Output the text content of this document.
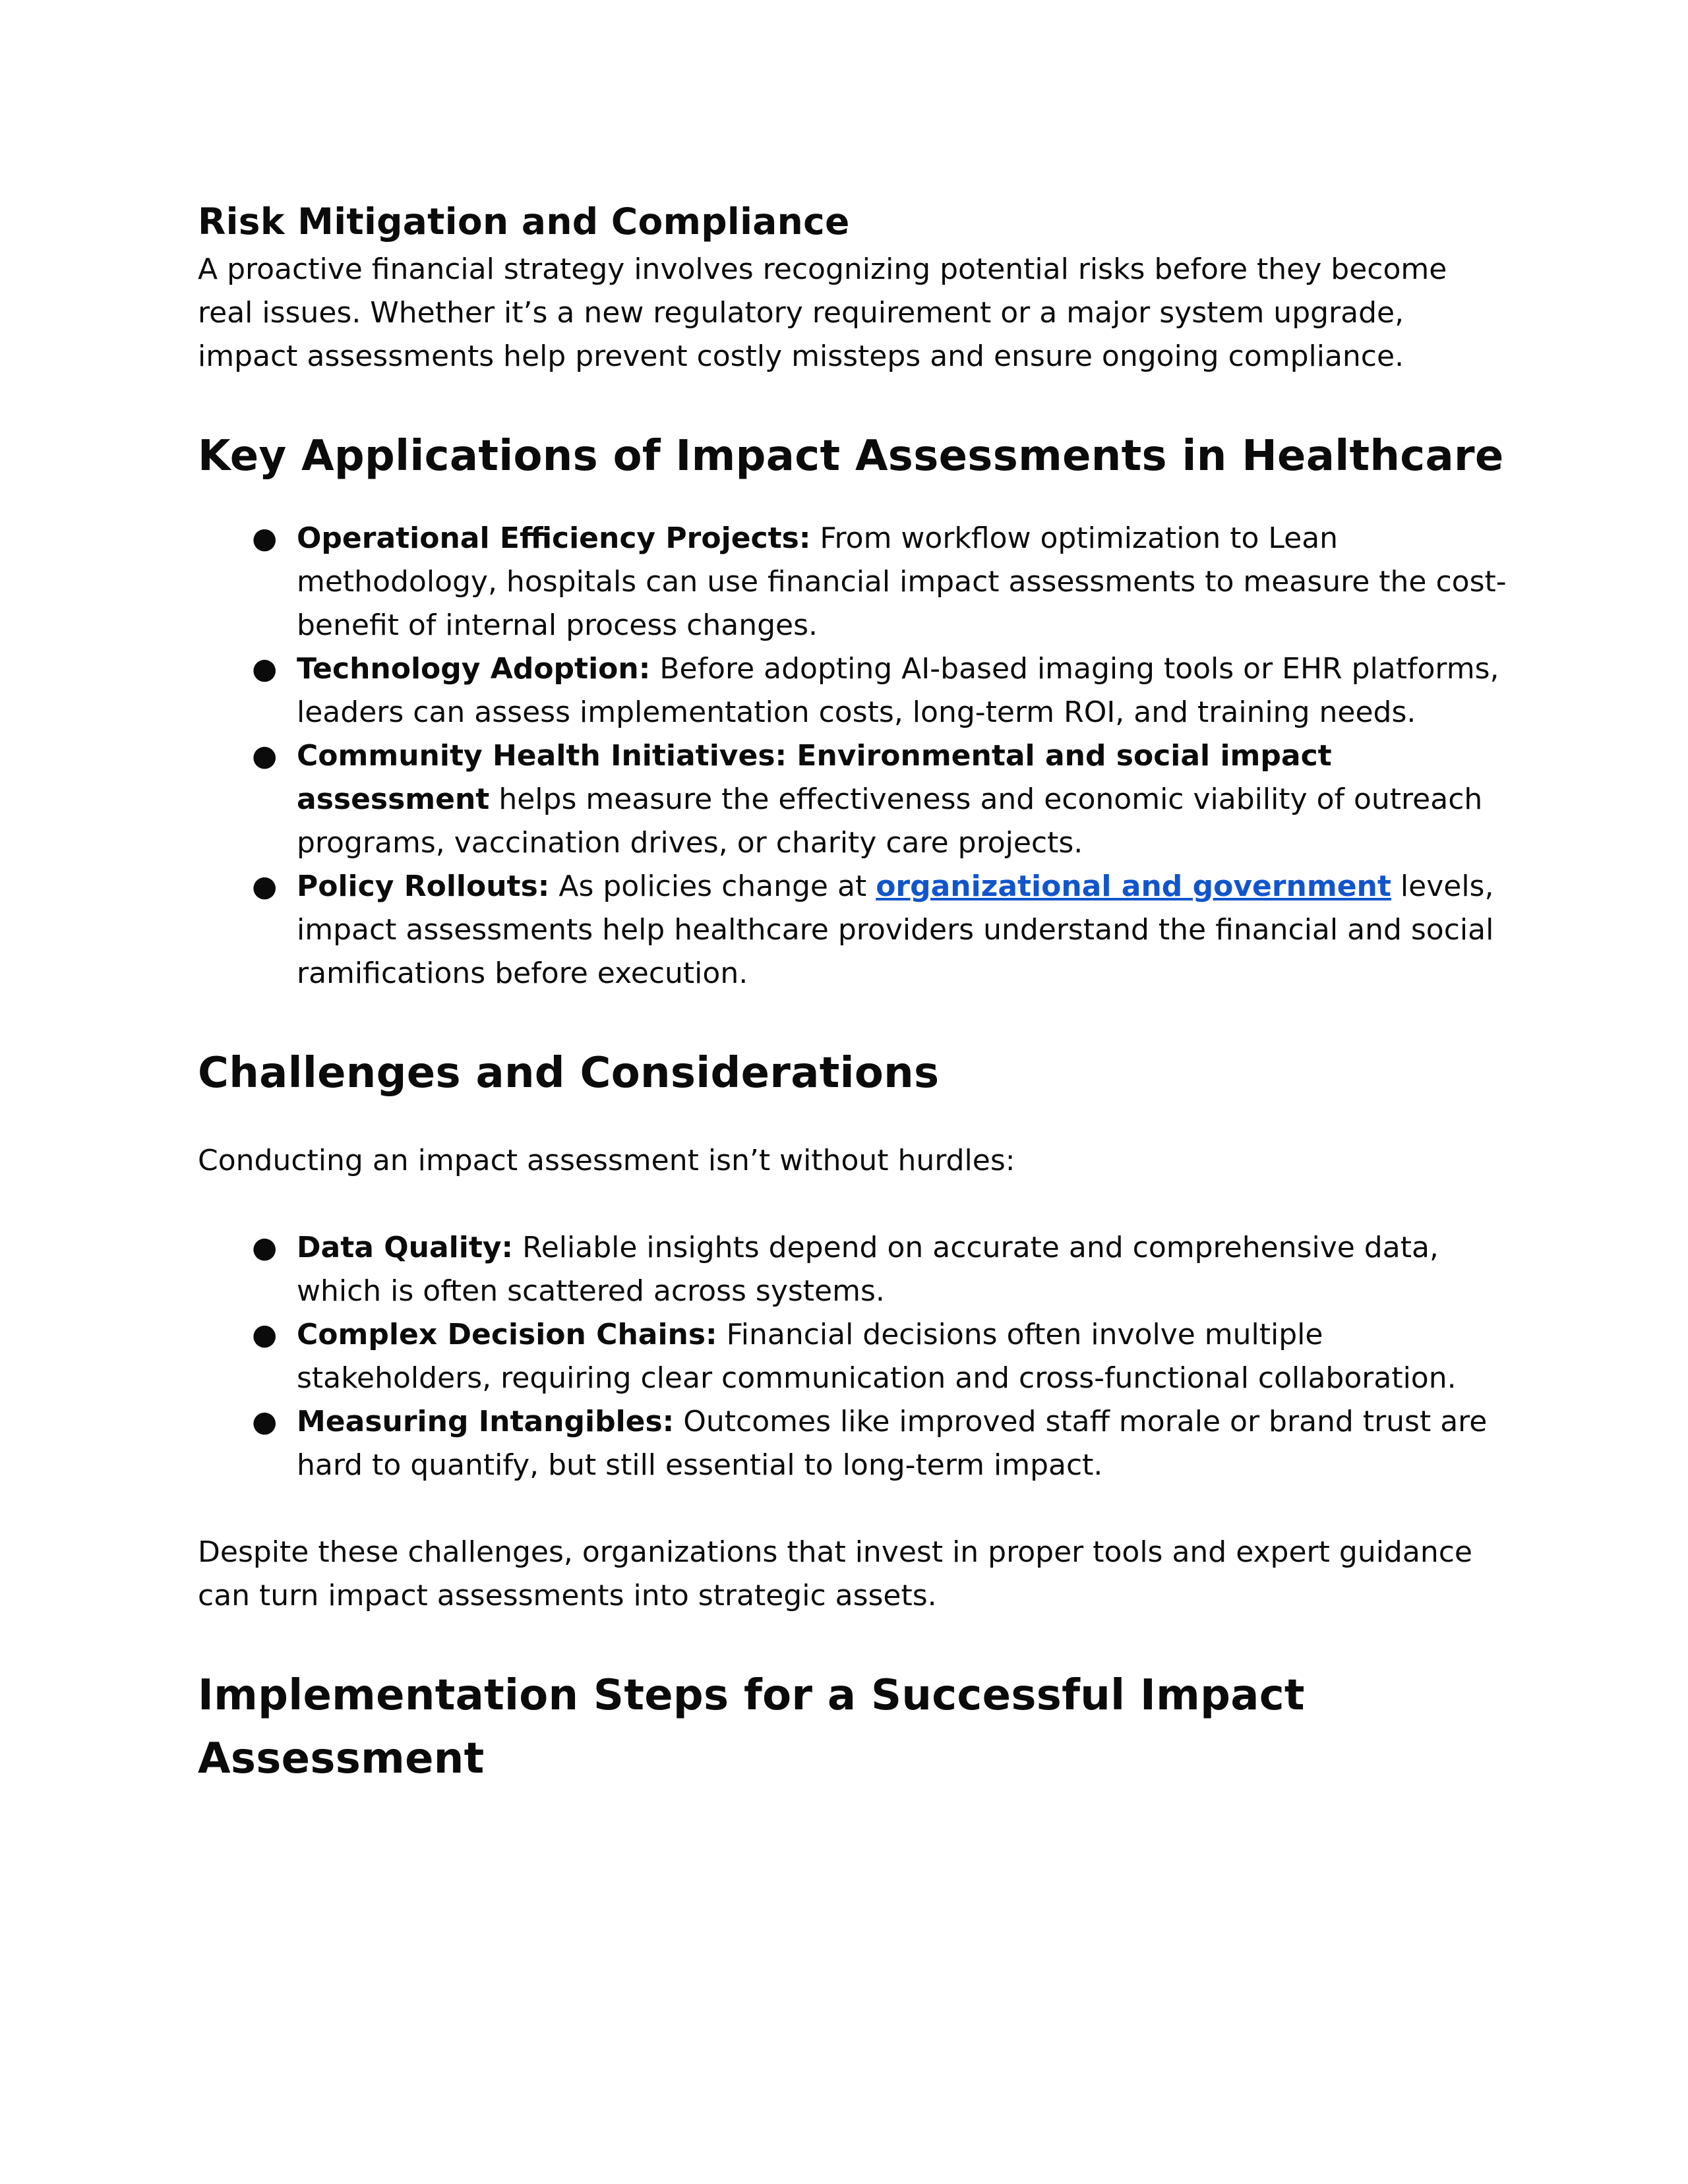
Risk Mitigation and Compliance

A proactive financial strategy involves recognizing potential risks before they become real issues. Whether it’s a new regulatory requirement or a major system upgrade, impact assessments help prevent costly missteps and ensure ongoing compliance.

Key Applications of Impact Assessments in Healthcare
● Operational Efficiency Projects: From workflow optimization to Lean methodology, hospitals can use financial impact assessments to measure the cost-benefit of internal process changes.
● Technology Adoption: Before adopting AI-based imaging tools or EHR platforms, leaders can assess implementation costs, long-term ROI, and training needs.
● Community Health Initiatives: Environmental and social impact assessment helps measure the effectiveness and economic viability of outreach programs, vaccination drives, or charity care projects.
● Policy Rollouts: As policies change at organizational and government levels, impact assessments help healthcare providers understand the financial and social ramifications before execution.
Challenges and Considerations

Conducting an impact assessment isn’t without hurdles:

● Data Quality: Reliable insights depend on accurate and comprehensive data, which is often scattered across systems.
● Complex Decision Chains: Financial decisions often involve multiple stakeholders, requiring clear communication and cross-functional collaboration.
● Measuring Intangibles: Outcomes like improved staff morale or brand trust are hard to quantify, but still essential to long-term impact.

Despite these challenges, organizations that invest in proper tools and expert guidance can turn impact assessments into strategic assets.

Implementation Steps for a Successful Impact Assessment
